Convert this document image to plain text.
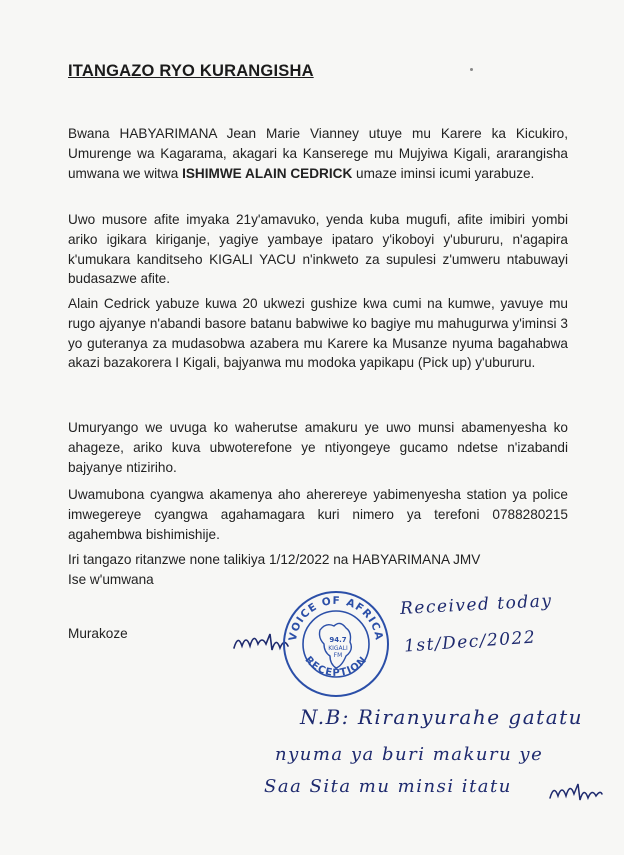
ITANGAZO RYO KURANGISHA
Bwana HABYARIMANA Jean Marie Vianney utuye mu Karere ka Kicukiro, Umurenge wa Kagarama, akagari ka Kanserege mu Mujyiwa Kigali, ararangisha umwana we witwa ISHIMWE ALAIN CEDRICK umaze iminsi icumi yarabuze.
Uwo musore afite imyaka 21y'amavuko, yenda kuba mugufi, afite imibiri yombi ariko igikara kiriganje, yagiye yambaye ipataro y'ikoboyi y'ubururu, n'agapira k'umukara kanditseho KIGALI YACU n'inkweto za supulesi z'umweru ntabuwayi budasazwe afite.
Alain Cedrick yabuze kuwa 20 ukwezi gushize kwa cumi na kumwe, yavuye mu rugo ajyanye n'abandi basore batanu babwiwe ko bagiye mu mahugurwa y'iminsi 3 yo guteranya za mudasobwa azabera mu Karere ka Musanze nyuma bagahabwa akazi bazakorera I Kigali, bajyanwa mu modoka yapikapu (Pick up) y'ubururu.
Umuryango we uvuga ko waherutse amakuru ye uwo munsi abamenyesha ko ahageze, ariko kuva ubwoterefone ye ntiyongeye gucamo ndetse n'izabandi bajyanye ntiziriho.
Uwamubona cyangwa akamenya aho aherereye yabimenyesha station ya police imwegereye cyangwa agahamagara kuri nimero ya terefoni 0788280215 agahembwa bishimishije.
Iri tangazo ritanzwe none talikiya 1/12/2022 na HABYARIMANA JMV
Ise w'umwana
Murakoze	VOICE OF AFRICA
RECEPTION
94.7
KIGALI
FM
Received today
1st/Dec/2022
N.B: Riranyurahe gatatu
nyuma ya buri makuru ye
Saa Sita mu minsi itatu
